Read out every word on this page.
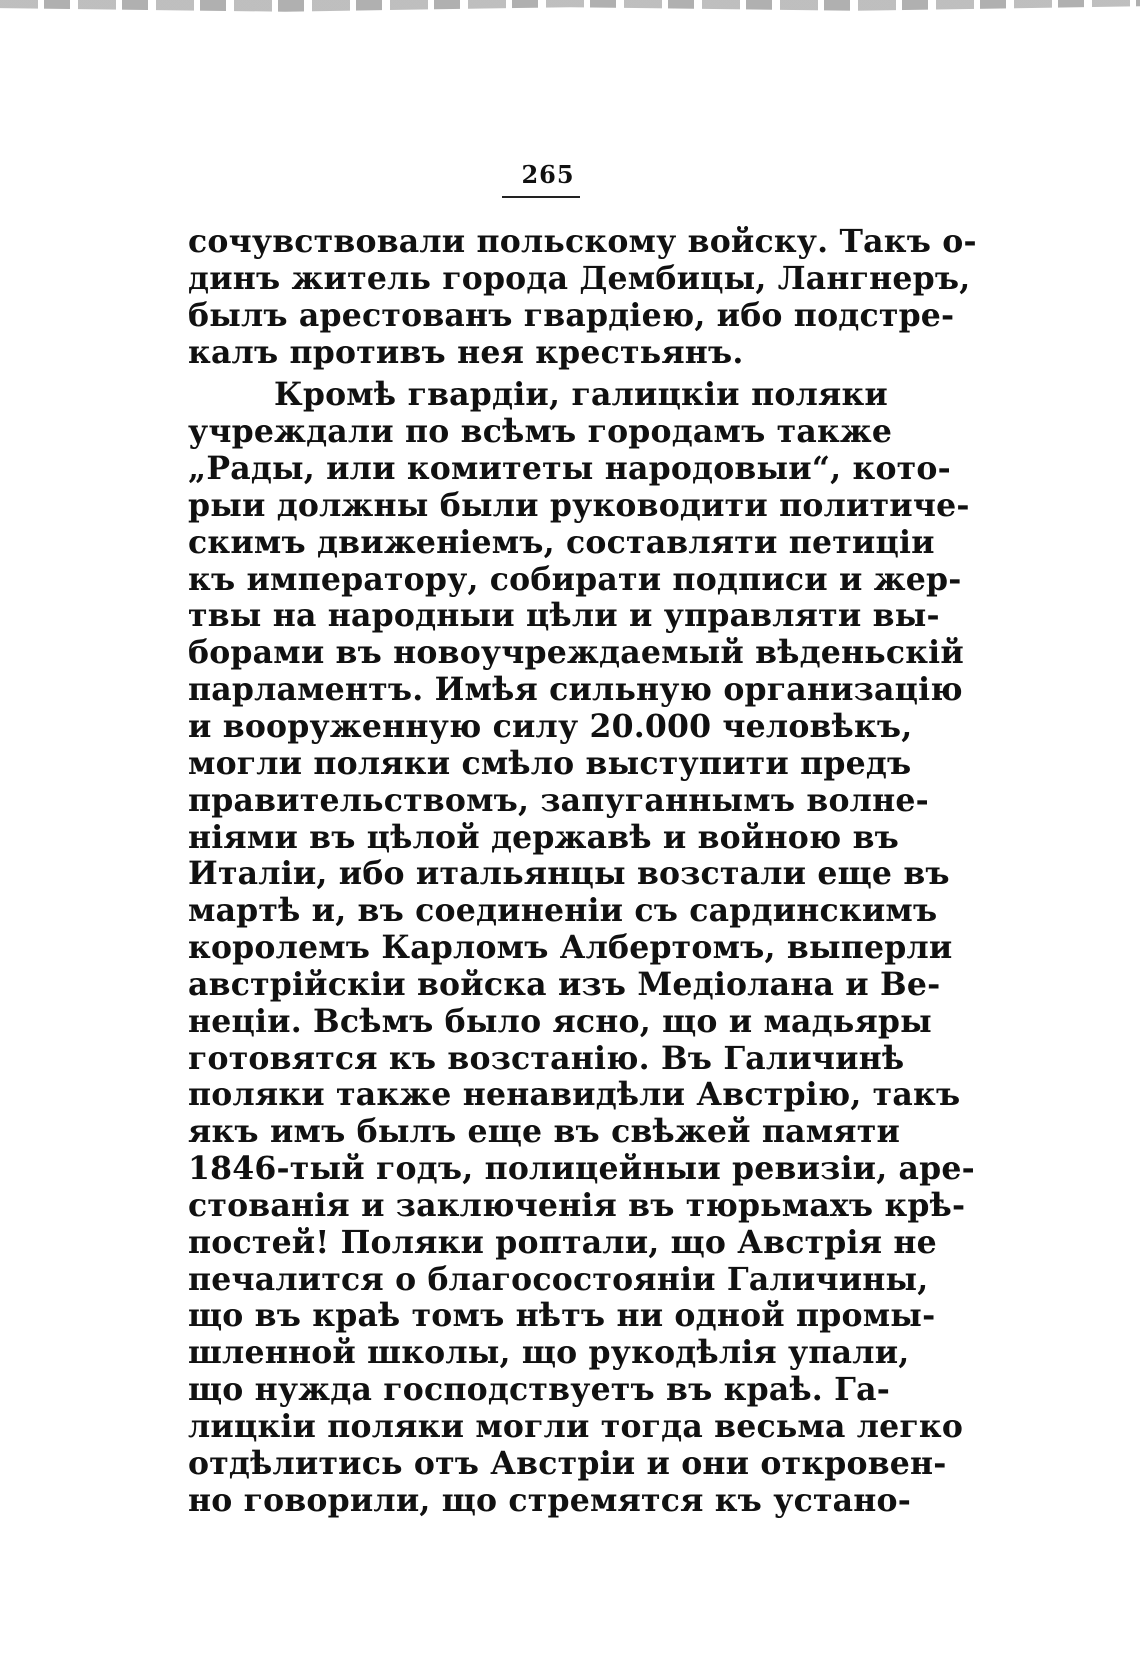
265
сочувствовали польскому войску. Такъ о-
динъ житель города Дембицы, Лангнеръ,
былъ арестованъ гвардіею, ибо подстре-
калъ противъ нея крестьянъ.
Кромѣ гвардіи, галицкіи поляки
учреждали по всѣмъ городамъ также
„Рады, или комитеты народовыи“, кото-
рыи должны были руководити политиче-
скимъ движеніемъ, составляти петиціи
къ императору, собирати подписи и жер-
твы на народныи цѣли и управляти вы-
борами въ новоучреждаемый вѣденьскій
парламентъ. Имѣя сильную организацію
и вооруженную силу 20.000 человѣкъ,
могли поляки смѣло выступити предъ
правительствомъ, запуганнымъ волне-
ніями въ цѣлой державѣ и войною въ
Италіи, ибо итальянцы возстали еще въ
мартѣ и, въ соединеніи съ сардинскимъ
королемъ Карломъ Албертомъ, выперли
австрійскіи войска изъ Медіолана и Ве-
неціи. Всѣмъ было ясно, що и мадьяры
готовятся къ возстанію. Въ Галичинѣ
поляки также ненавидѣли Австрію, такъ
якъ имъ былъ еще въ свѣжей памяти
1846-тый годъ, полицейныи ревизіи, аре-
стованія и заключенія въ тюрьмахъ крѣ-
постей! Поляки роптали, що Австрія не
печалится о благосостояніи Галичины,
що въ краѣ томъ нѣтъ ни одной промы-
шленной школы, що рукодѣлія упали,
що нужда господствуетъ въ краѣ. Га-
лицкіи поляки могли тогда весьма легко
отдѣлитись отъ Австріи и они откровен-
но говорили, що стремятся къ устано-
